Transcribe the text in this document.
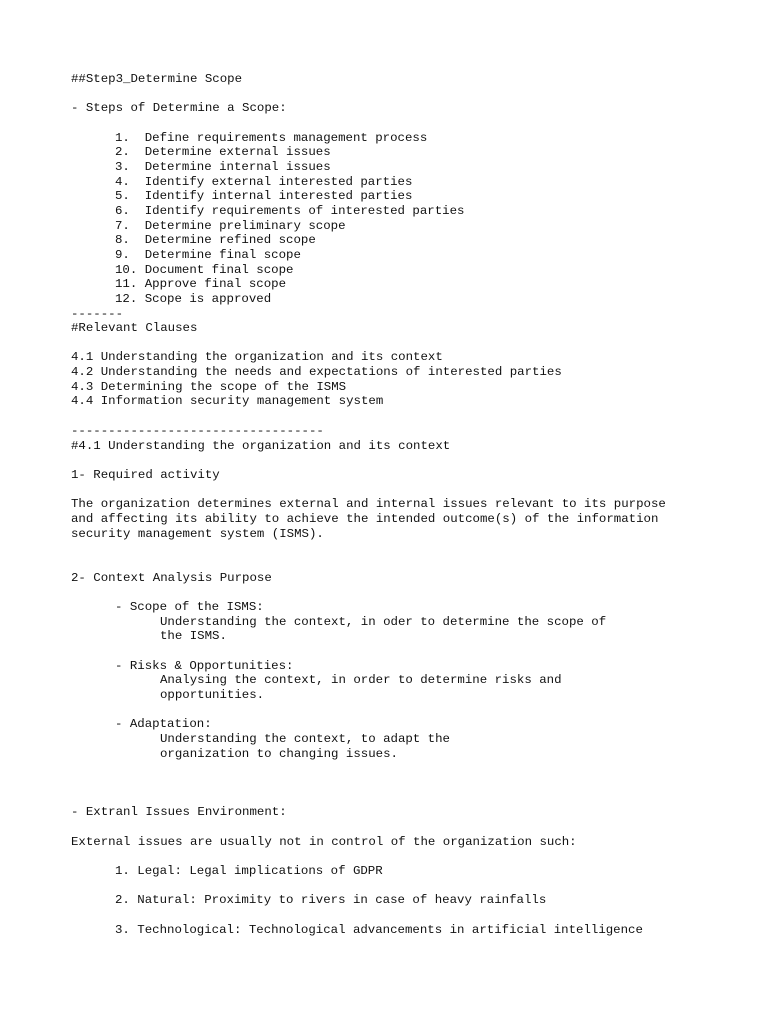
##Step3_Determine Scope
- Steps of Determine a Scope:
1.  Define requirements management process
2.  Determine external issues
3.  Determine internal issues
4.  Identify external interested parties
5.  Identify internal interested parties
6.  Identify requirements of interested parties
7.  Determine preliminary scope
8.  Determine refined scope
9.  Determine final scope
10. Document final scope
11. Approve final scope
12. Scope is approved
-------
#Relevant Clauses
4.1 Understanding the organization and its context
4.2 Understanding the needs and expectations of interested parties
4.3 Determining the scope of the ISMS
4.4 Information security management system
----------------------------------
#4.1 Understanding the organization and its context
1- Required activity
The organization determines external and internal issues relevant to its purpose
and affecting its ability to achieve the intended outcome(s) of the information
security management system (ISMS).
2- Context Analysis Purpose
- Scope of the ISMS:
Understanding the context, in oder to determine the scope of
the ISMS.
- Risks & Opportunities:
Analysing the context, in order to determine risks and
opportunities.
- Adaptation:
Understanding the context, to adapt the
organization to changing issues.
- Extranl Issues Environment:
External issues are usually not in control of the organization such:
1. Legal: Legal implications of GDPR
2. Natural: Proximity to rivers in case of heavy rainfalls
3. Technological: Technological advancements in artificial intelligence
